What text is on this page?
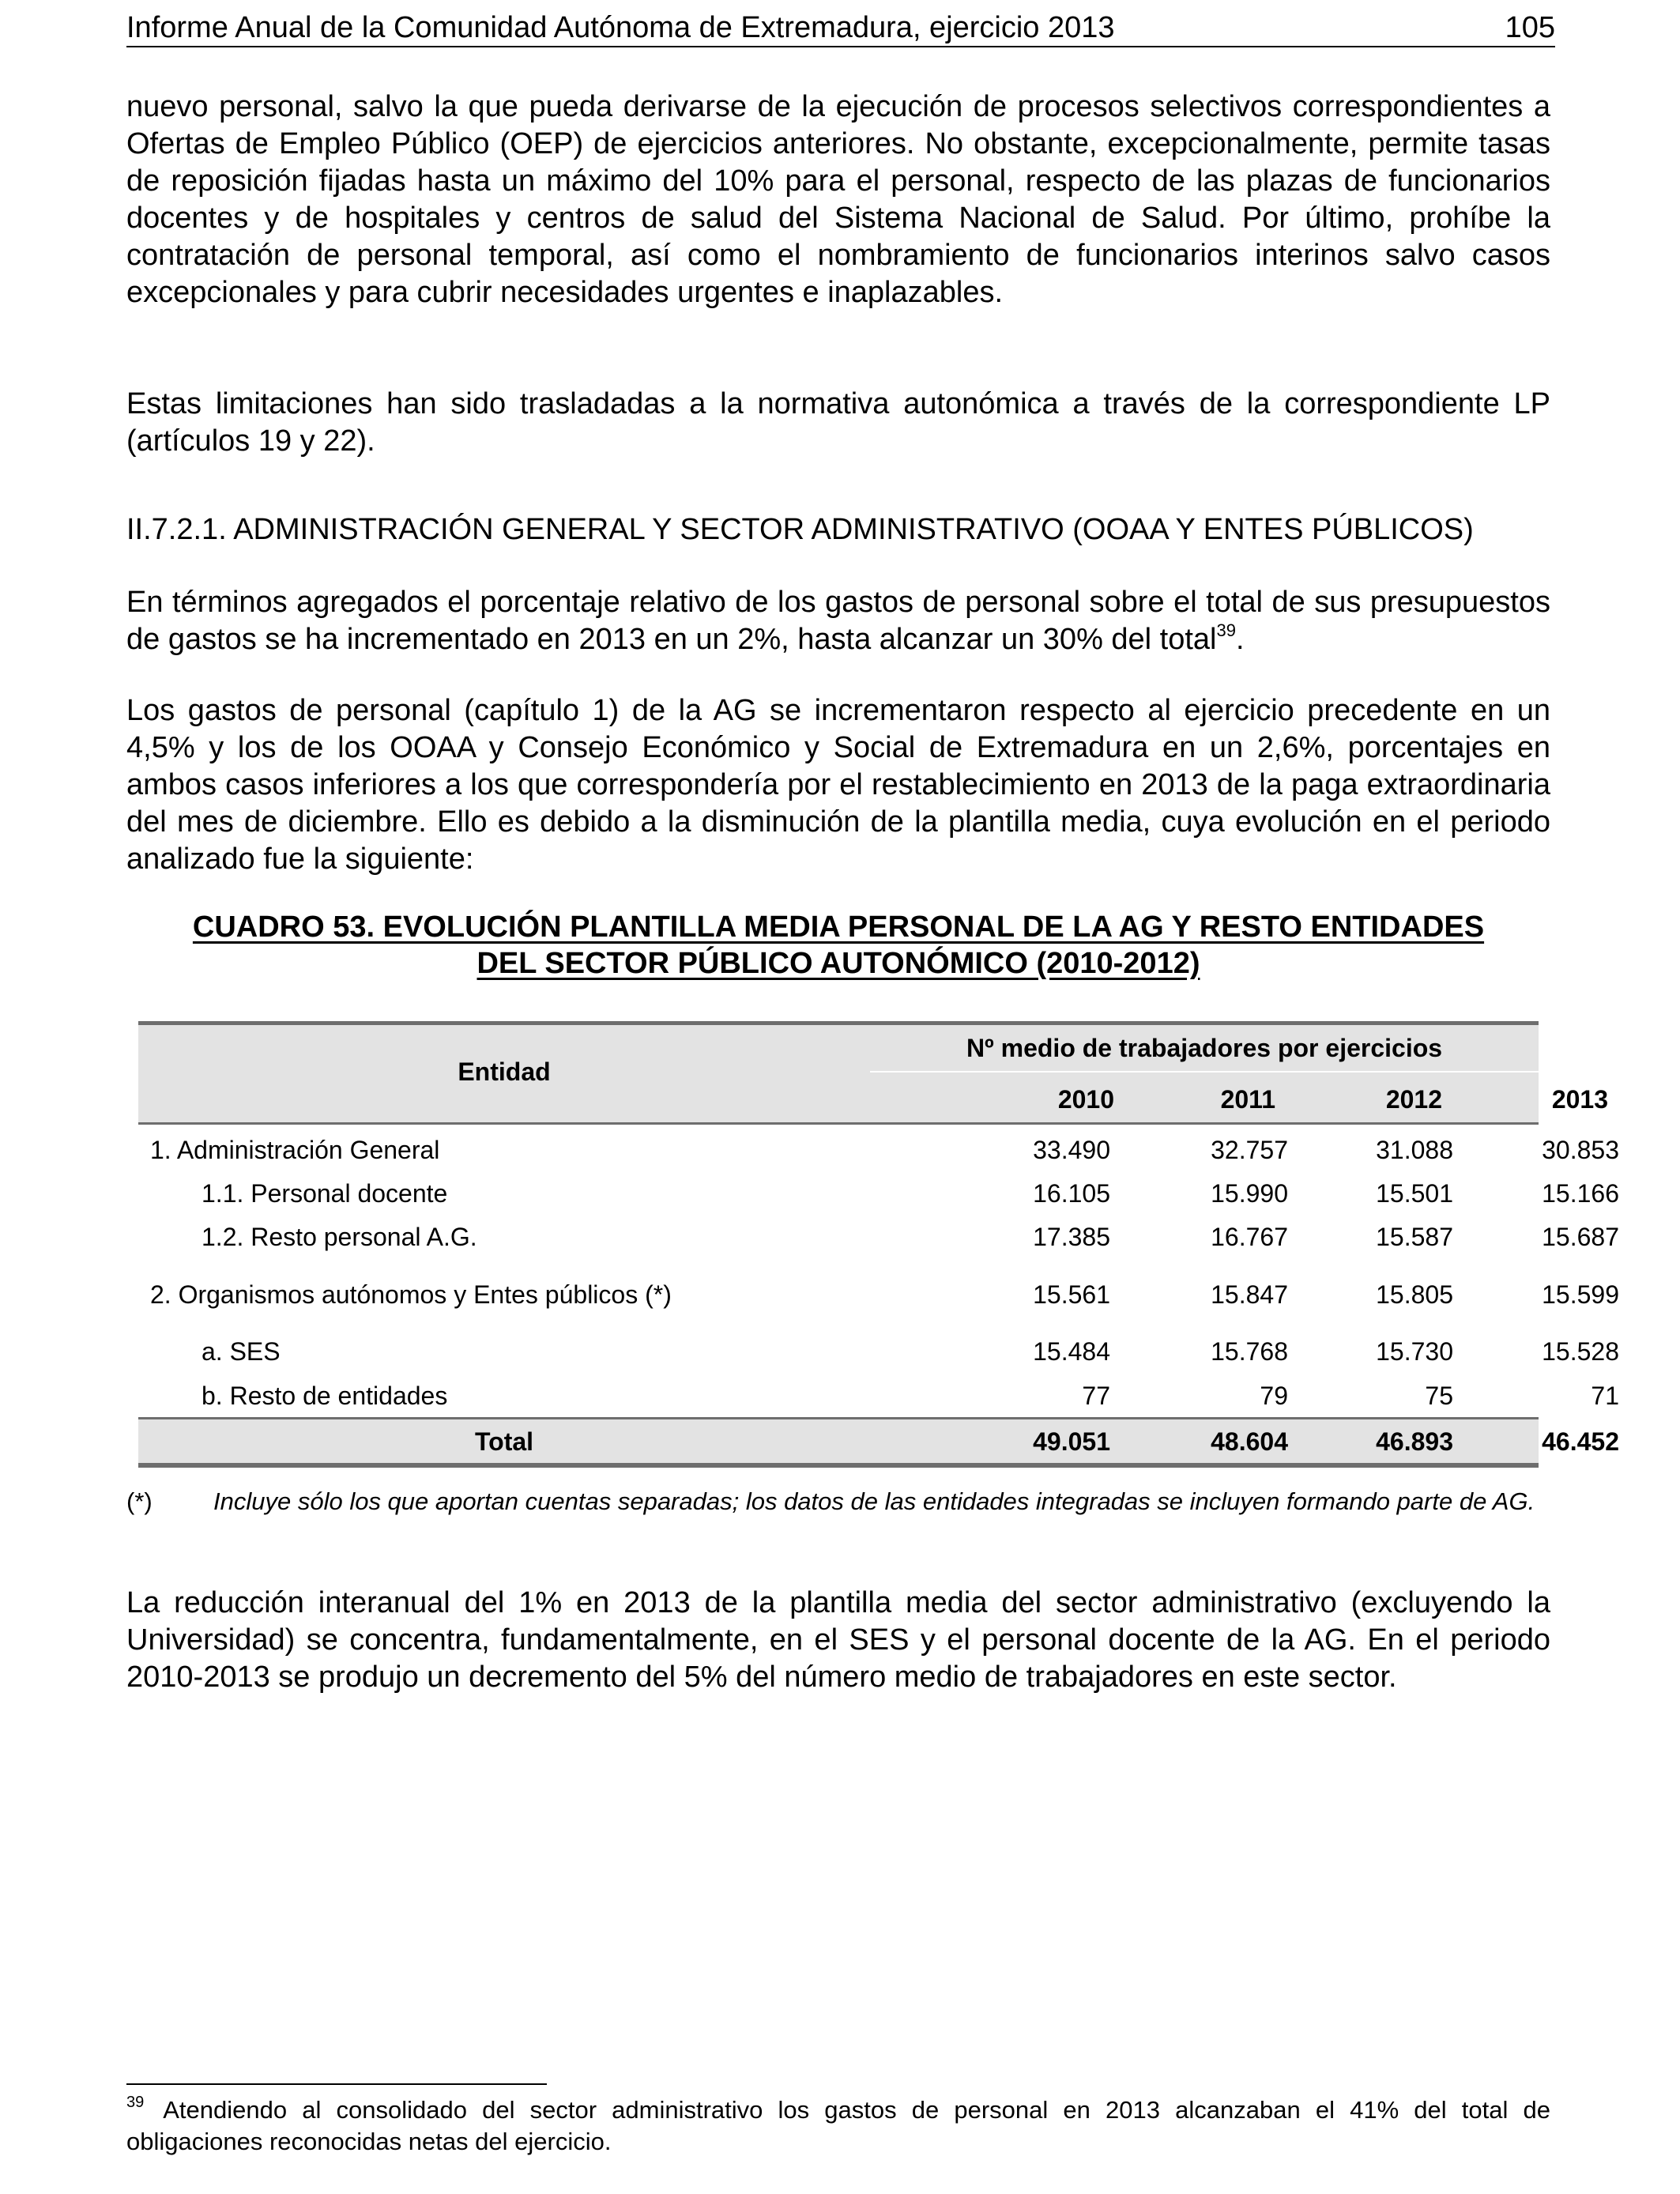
Informe Anual de la Comunidad Autónoma de Extremadura, ejercicio 2013	105

nuevo personal, salvo la que pueda derivarse de la ejecución de procesos selectivos correspondientes a Ofertas de Empleo Público (OEP) de ejercicios anteriores. No obstante, excepcionalmente, permite tasas de reposición fijadas hasta un máximo del 10% para el personal, respecto de las plazas de funcionarios docentes y de hospitales y centros de salud del Sistema Nacional de Salud. Por último, prohíbe la contratación de personal temporal, así como el nombramiento de funcionarios interinos salvo casos excepcionales y para cubrir necesidades urgentes e inaplazables.

Estas limitaciones han sido trasladadas a la normativa autonómica a través de la correspondiente LP (artículos 19 y 22).

II.7.2.1. ADMINISTRACIÓN GENERAL Y SECTOR ADMINISTRATIVO (OOAA Y ENTES PÚBLICOS)

En términos agregados el porcentaje relativo de los gastos de personal sobre el total de sus presupuestos de gastos se ha incrementado en 2013 en un 2%, hasta alcanzar un 30% del total$^{39}$.

Los gastos de personal (capítulo 1) de la AG se incrementaron respecto al ejercicio precedente en un 4,5% y los de los OOAA y Consejo Económico y Social de Extremadura en un 2,6%, porcentajes en ambos casos inferiores a los que correspondería por el restablecimiento en 2013 de la paga extraordinaria del mes de diciembre. Ello es debido a la disminución de la plantilla media, cuya evolución en el periodo analizado fue la siguiente:

CUADRO 53. EVOLUCIÓN PLANTILLA MEDIA PERSONAL DE LA AG Y RESTO ENTIDADES
DEL SECTOR PÚBLICO AUTONÓMICO (2010-2012)
Entidad
Nº medio de trabajadores por ejercicios
2010	2011	2012	2013
1. Administración General	33.490	32.757	31.088	30.853
1.1. Personal docente	16.105	15.990	15.501	15.166
1.2. Resto personal A.G.	17.385	16.767	15.587	15.687
2. Organismos autónomos y Entes públicos (*)	15.561	15.847	15.805	15.599
a. SES	15.484	15.768	15.730	15.528
b. Resto de entidades	77	79	75	71
Total	49.051	48.604	46.893	46.452
(*) Incluye sólo los que aportan cuentas separadas; los datos de las entidades integradas se incluyen formando parte de AG.

La reducción interanual del 1% en 2013 de la plantilla media del sector administrativo (excluyendo la Universidad) se concentra, fundamentalmente, en el SES y el personal docente de la AG. En el periodo 2010-2013 se produjo un decremento del 5% del número medio de trabajadores en este sector.

$^{39}$ Atendiendo al consolidado del sector administrativo los gastos de personal en 2013 alcanzaban el 41% del total de obligaciones reconocidas netas del ejercicio.
